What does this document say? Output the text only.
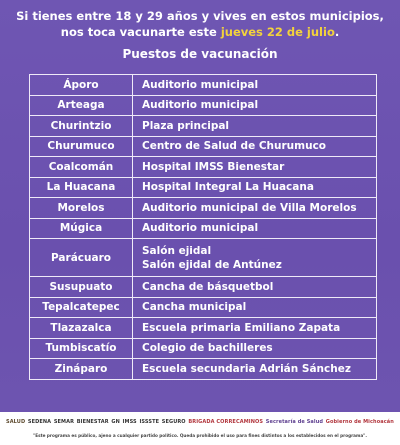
Si tienes entre 18 y 29 años y vives en estos municipios,
nos toca vacunarte este jueves 22 de julio.
Puestos de vacunación
Áporo	Auditorio municipal

Arteaga	Auditorio municipal

Churintzio	Plaza principal

Churumuco	Centro de Salud de Churumuco

Coalcomán	Hospital IMSS Bienestar

La Huacana	Hospital Integral La Huacana

Morelos	Auditorio municipal de Villa Morelos

Múgica	Auditorio municipal

Parácuaro	Salón ejidal
Salón ejidal de Antúnez

Susupuato	Cancha de básquetbol

Tepalcatepec	Cancha municipal

Tlazazalca	Escuela primaria Emiliano Zapata

Tumbiscatío	Colegio de bachilleres

Zináparo	Escuela secundaria Adrián Sánchez
SALUD SEDENA SEMAR BIENESTAR GN IMSS ISSSTE SEGURO BRIGADA CORRECAMINOS Secretaría de Salud Gobierno de Michoacán
"Este programa es público, ajeno a cualquier partido político. Queda prohibido el uso para fines distintos a los establecidos en el programa".
